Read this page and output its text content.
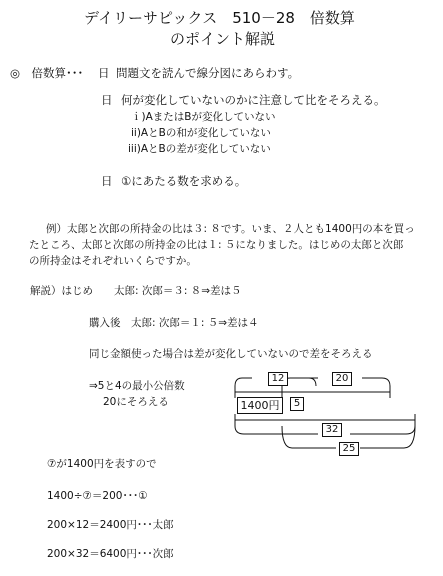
デイリーサピックス　510－28　倍数算
のポイント解説
◎　倍数算･･･ 日 問題文を読んで線分図にあらわす。
日 何が変化していないのかに注意して比をそろえる。
ｉ)AまたはBが変化していない
ii)AとBの和が変化していない
iii)AとBの差が変化していない
日 ①にあたる数を求める。
例）太郎と次郎の所持金の比は３: ８です。いま、２人とも1400円の本を買っ
たところ、太郎と次郎の所持金の比は１: ５になりました。はじめの太郎と次郎
の所持金はそれぞれいくらですか。
解説）はじめ　　太郎: 次郎＝３: ８⇒差は５
購入後　太郎: 次郎＝１: ５⇒差は４
同じ金額使った場合は差が変化していないので差をそろえる
⇒5と4の最小公倍数
20にそろえる
12	20
1400円	5
32
25
⑦が1400円を表すので
1400÷⑦＝200･･･①
200×12＝2400円･･･太郎
200×32＝6400円･･･次郎
